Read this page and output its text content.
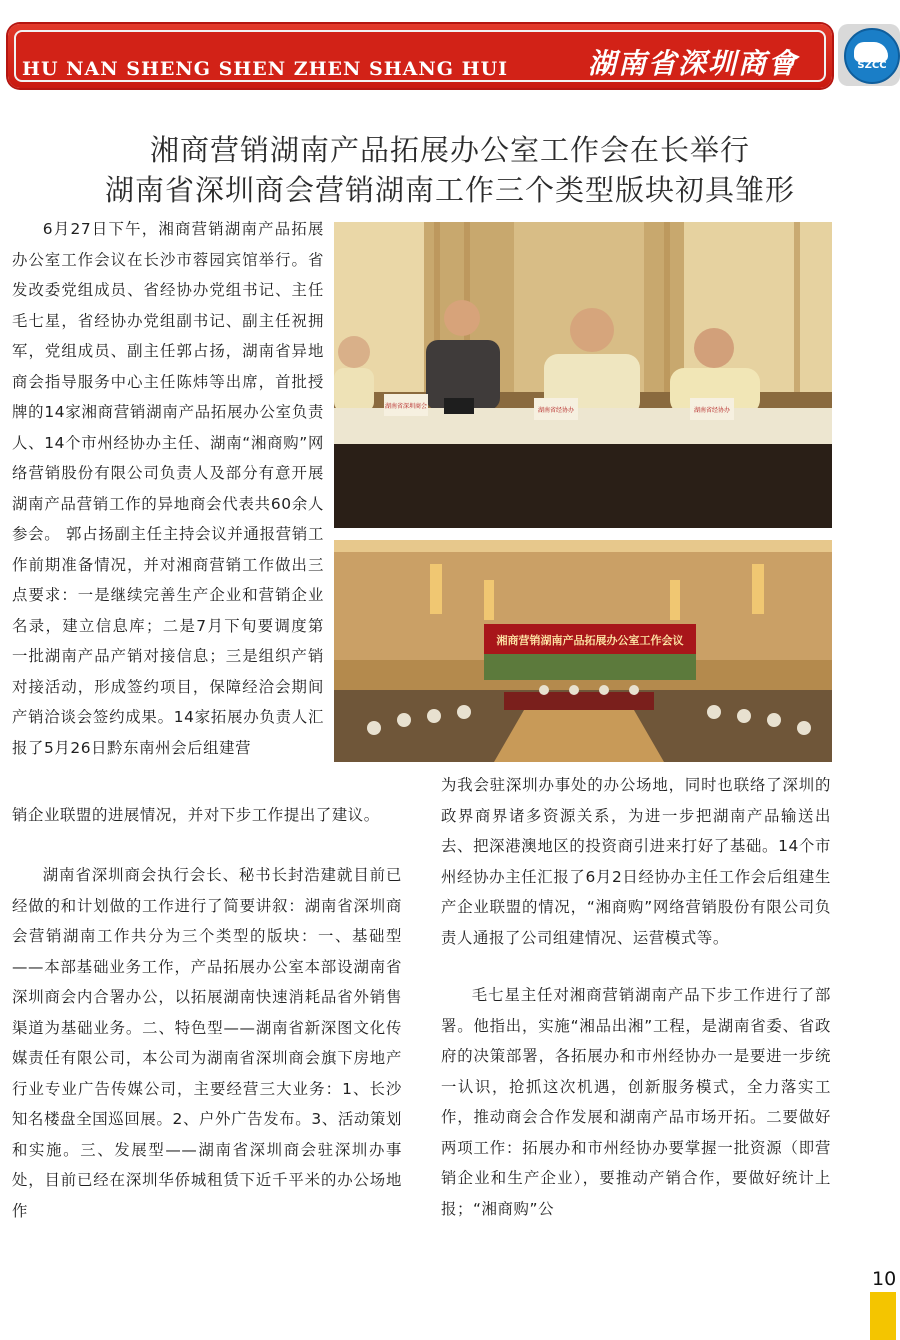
HU NAN SHENG SHEN ZHEN SHANG HUI	湖南省深圳商會	SZCC
湘商营销湖南产品拓展办公室工作会在长举行
湖南省深圳商会营销湖南工作三个类型版块初具雏形

6月27日下午，湘商营销湖南产品拓展办公室工作会议在长沙市蓉园宾馆举行。省发改委党组成员、省经协办党组书记、主任毛七星，省经协办党组副书记、副主任祝拥军，党组成员、副主任郭占扬，湖南省异地商会指导服务中心主任陈炜等出席，首批授牌的14家湘商营销湖南产品拓展办公室负责人、14个市州经协办主任、湖南“湘商购”网络营销股份有限公司负责人及部分有意开展湖南产品营销工作的异地商会代表共60余人参会。 郭占扬副主任主持会议并通报营销工作前期准备情况，并对湘商营销工作做出三点要求：一是继续完善生产企业和营销企业名录，建立信息库；二是7月下旬要调度第一批湖南产品产销对接信息；三是组织产销对接活动，形成签约项目，保障经洽会期间产销洽谈会签约成果。14家拓展办负责人汇报了5月26日黔东南州会后组建营

销企业联盟的进展情况，并对下步工作提出了建议。

湖南省深圳商会执行会长、秘书长封浩建就目前已经做的和计划做的工作进行了简要讲叙：湖南省深圳商会营销湖南工作共分为三个类型的版块：一、基础型——本部基础业务工作，产品拓展办公室本部设湖南省深圳商会内合署办公，以拓展湖南快速消耗品省外销售渠道为基础业务。二、特色型——湖南省新深图文化传媒责任有限公司，本公司为湖南省深圳商会旗下房地产行业专业广告传媒公司，主要经营三大业务：1、长沙知名楼盘全国巡回展。2、户外广告发布。3、活动策划和实施。三、发展型——湖南省深圳商会驻深圳办事处，目前已经在深圳华侨城租赁下近千平米的办公场地作

为我会驻深圳办事处的办公场地，同时也联络了深圳的政界商界诸多资源关系，为进一步把湖南产品输送出去、把深港澳地区的投资商引进来打好了基础。14个市州经协办主任汇报了6月2日经协办主任工作会后组建生产企业联盟的情况，“湘商购”网络营销股份有限公司负责人通报了公司组建情况、运营模式等。

毛七星主任对湘商营销湖南产品下步工作进行了部署。他指出，实施“湘品出湘”工程，是湖南省委、省政府的决策部署，各拓展办和市州经协办一是要进一步统一认识，抢抓这次机遇，创新服务模式，全力落实工作，推动商会合作发展和湖南产品市场开拓。二要做好两项工作：拓展办和市州经协办要掌握一批资源（即营销企业和生产企业），要推动产销合作，要做好统计上报；“湘商购”公

湖南省深圳商会
湖南省经协办	湖南省经协办
湘商营销湖南产品拓展办公室工作会议
10
